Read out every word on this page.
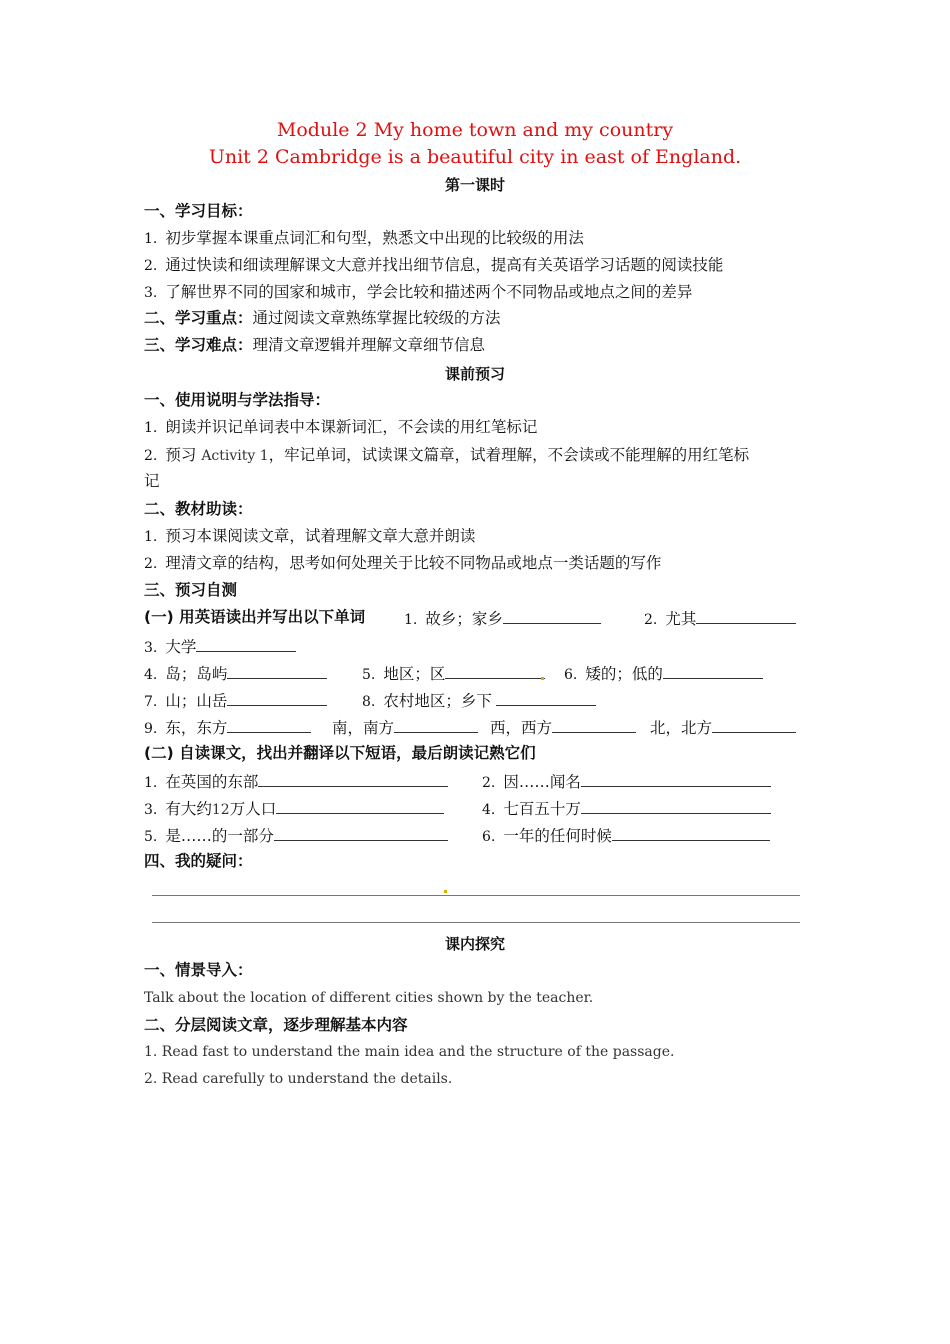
Module 2 My home town and my country
Unit 2 Cambridge is a beautiful city in east of England.
第一课时
一、学习目标：
1. 初步掌握本课重点词汇和句型，熟悉文中出现的比较级的用法
2. 通过快读和细读理解课文大意并找出细节信息，提高有关英语学习话题的阅读技能
3. 了解世界不同的国家和城市，学会比较和描述两个不同物品或地点之间的差异
二、学习重点：通过阅读文章熟练掌握比较级的方法
三、学习难点：理清文章逻辑并理解文章细节信息
课前预习
一、使用说明与学法指导：
1. 朗读并识记单词表中本课新词汇，不会读的用红笔标记
2. 预习 Activity 1，牢记单词，试读课文篇章，试着理解，不会读或不能理解的用红笔标
记
二、教材助读：
1. 预习本课阅读文章，试着理解文章大意并朗读
2. 理清文章的结构，思考如何处理关于比较不同物品或地点一类话题的写作
三、预习自测
(一) 用英语读出并写出以下单词	1. 故乡；家乡	2. 尤其
3. 大学
4. 岛；岛屿	5. 地区；区	6. 矮的；低的
7. 山；山岳	8. 农村地区；乡下
9. 东，东方	南，南方	西，西方	北，北方
(二) 自读课文，找出并翻译以下短语，最后朗读记熟它们
1. 在英国的东部	2. 因……闻名
3. 有大约12万人口	4. 七百五十万
5. 是……的一部分	6. 一年的任何时候
四、我的疑问：
课内探究
一、情景导入：
Talk about the location of different cities shown by the teacher.
二、分层阅读文章，逐步理解基本内容
1. Read fast to understand the main idea and the structure of the passage.
2. Read carefully to understand the details.
